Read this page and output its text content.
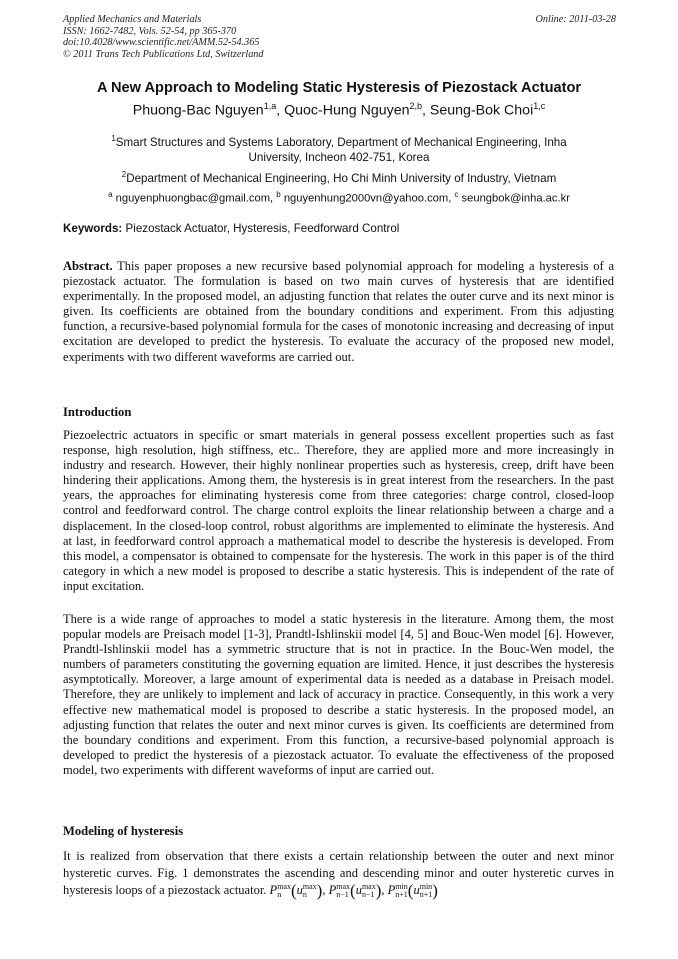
Applied Mechanics and Materials
ISSN: 1662-7482, Vols. 52-54, pp 365-370
doi:10.4028/www.scientific.net/AMM.52-54.365
© 2011 Trans Tech Publications Ltd, Switzerland
Online: 2011-03-28
A New Approach to Modeling Static Hysteresis of Piezostack Actuator
Phuong-Bac Nguyen$^{1,a}$, Quoc-Hung Nguyen$^{2,b}$, Seung-Bok Choi$^{1,c}$
$^1$Smart Structures and Systems Laboratory, Department of Mechanical Engineering, Inha University, Incheon 402-751, Korea
$^2$Department of Mechanical Engineering, Ho Chi Minh University of Industry, Vietnam
$^a$ nguyenphuongbac@gmail.com, $^b$ nguyenhung2000vn@yahoo.com, $^c$ seungbok@inha.ac.kr
Keywords: Piezostack Actuator, Hysteresis, Feedforward Control
Abstract. This paper proposes a new recursive based polynomial approach for modeling a hysteresis of a piezostack actuator. The formulation is based on two main curves of hysteresis that are identified experimentally. In the proposed model, an adjusting function that relates the outer curve and its next minor is given. Its coefficients are obtained from the boundary conditions and experiment. From this adjusting function, a recursive-based polynomial formula for the cases of monotonic increasing and decreasing of input excitation are developed to predict the hysteresis. To evaluate the accuracy of the proposed new model, experiments with two different waveforms are carried out.
Introduction
Piezoelectric actuators in specific or smart materials in general possess excellent properties such as fast response, high resolution, high stiffness, etc.. Therefore, they are applied more and more increasingly in industry and research. However, their highly nonlinear properties such as hysteresis, creep, drift have been hindering their applications. Among them, the hysteresis is in great interest from the researchers. In the past years, the approaches for eliminating hysteresis come from three categories: charge control, closed-loop control and feedforward control. The charge control exploits the linear relationship between a charge and a displacement. In the closed-loop control, robust algorithms are implemented to eliminate the hysteresis. And at last, in feedforward control approach a mathematical model to describe the hysteresis is developed. From this model, a compensator is obtained to compensate for the hysteresis. The work in this paper is of the third category in which a new model is proposed to describe a static hysteresis. This is independent of the rate of input excitation.
There is a wide range of approaches to model a static hysteresis in the literature. Among them, the most popular models are Preisach model [1-3], Prandtl-Ishlinskii model [4, 5] and Bouc-Wen model [6]. However, Prandtl-Ishlinskii model has a symmetric structure that is not in practice. In the Bouc-Wen model, the numbers of parameters constituting the governing equation are limited. Hence, it just describes the hysteresis asymptotically. Moreover, a large amount of experimental data is needed as a database in Preisach model. Therefore, they are unlikely to implement and lack of accuracy in practice. Consequently, in this work a very effective new mathematical model is proposed to describe a static hysteresis. In the proposed model, an adjusting function that relates the outer and next minor curves is given. Its coefficients are determined from the boundary conditions and experiment. From this function, a recursive-based polynomial approach is developed to predict the hysteresis of a piezostack actuator. To evaluate the effectiveness of the proposed model, two experiments with different waveforms of input are carried out.
Modeling of hysteresis
It is realized from observation that there exists a certain relationship between the outer and next minor hysteretic curves. Fig. 1 demonstrates the ascending and descending minor and outer hysteretic curves in hysteresis loops of a piezostack actuator. P max
n (u max
n ), P max
n−1 (u max
n−1 ), P min
n+1 (u min
n+1 )
